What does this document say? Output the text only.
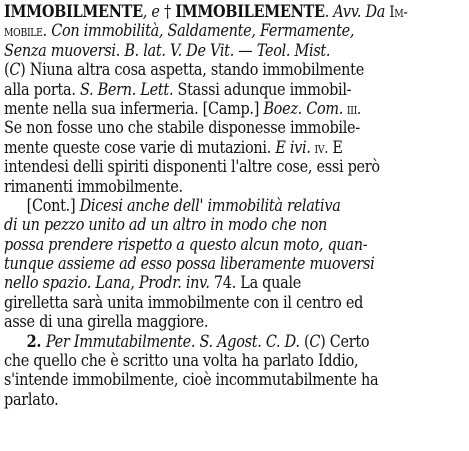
IMMOBILMENTE, e † IMMOBILEMENTE. Avv. Da Im-
mobile. Con immobilità, Saldamente, Fermamente,
Senza muoversi. B. lat. V. De Vit. — Teol. Mist.
(C) Niuna altra cosa aspetta, stando immobilmente
alla porta. S. Bern. Lett. Stassi adunque immobil-
mente nella sua infermeria. [Camp.] Boez. Com. iii.
Se non fosse uno che stabile disponesse immobile-
mente queste cose varie di mutazioni. E ivi. iv. E
intendesi delli spiriti disponenti l'altre cose, essi però
rimanenti immobilmente.
[Cont.] Dicesi anche dell' immobilità relativa
di un pezzo unito ad un altro in modo che non
possa prendere rispetto a questo alcun moto, quan-
tunque assieme ad esso possa liberamente muoversi
nello spazio. Lana, Prodr. inv. 74. La quale
girelletta sarà unita immobilmente con il centro ed
asse di una girella maggiore.
2. Per Immutabilmente. S. Agost. C. D. (C) Certo
che quello che è scritto una volta ha parlato Iddio,
s'intende immobilmente, cioè incommutabilmente ha
parlato.
